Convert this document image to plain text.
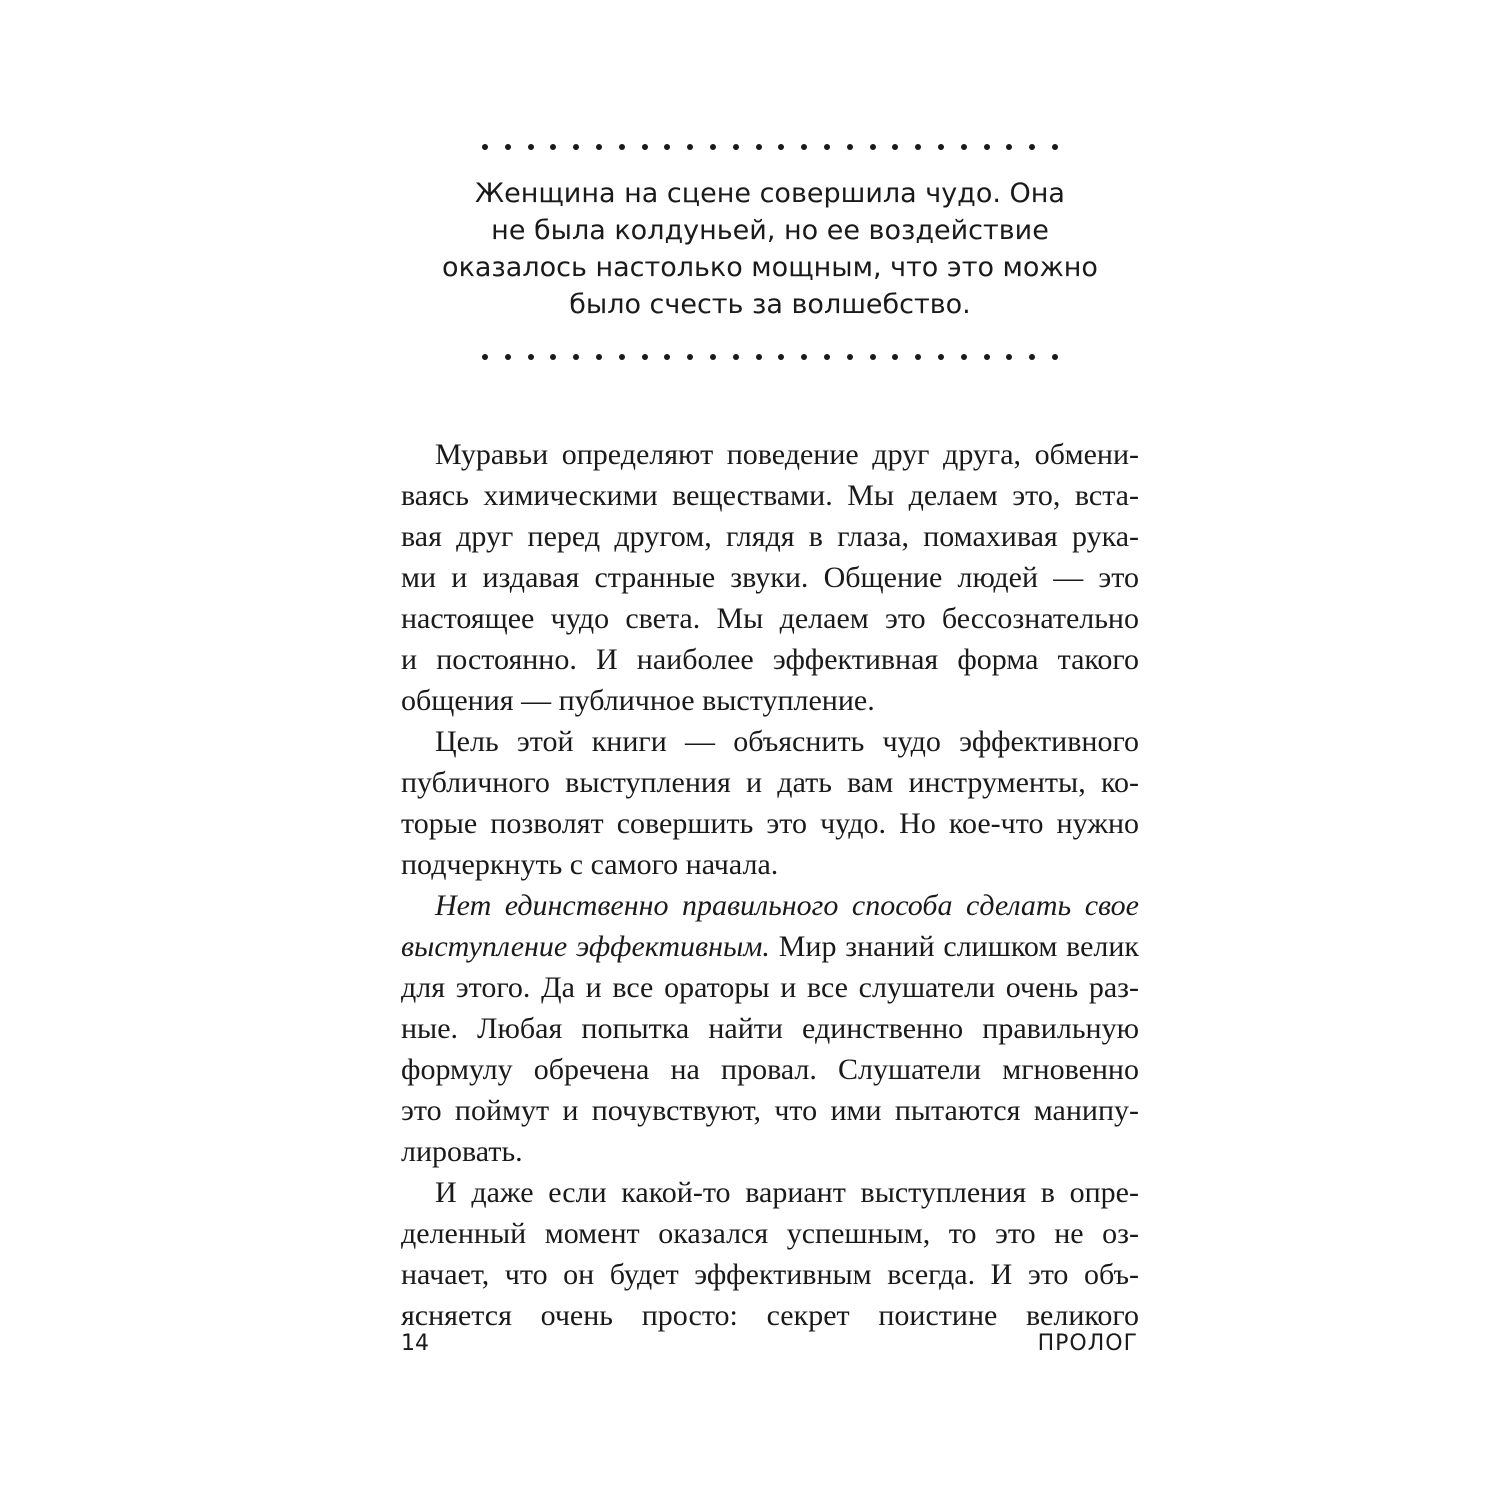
Женщина на сцене совершила чудо. Она
не была колдуньей, но ее воздействие
оказалось настолько мощным, что это можно
было счесть за волшебство.
Муравьи определяют поведение друг друга, обмени-
ваясь химическими веществами. Мы делаем это, вста-
вая друг перед другом, глядя в глаза, помахивая рука-
ми и издавая странные звуки. Общение людей — это
настоящее чудо света. Мы делаем это бессознательно
и постоянно. И наиболее эффективная форма такого
общения — публичное выступление.
Цель этой книги — объяснить чудо эффективного
публичного выступления и дать вам инструменты, ко-
торые позволят совершить это чудо. Но кое-что нужно
подчеркнуть с самого начала.
Нет единственно правильного способа сделать свое
выступление эффективным. Мир знаний слишком велик
для этого. Да и все ораторы и все слушатели очень раз-
ные. Любая попытка найти единственно правильную
формулу обречена на провал. Слушатели мгновенно
это поймут и почувствуют, что ими пытаются манипу-
лировать.
И даже если какой-то вариант выступления в опре-
деленный момент оказался успешным, то это не оз-
начает, что он будет эффективным всегда. И это объ-
ясняется очень просто: секрет поистине великого
14	ПРОЛОГ
